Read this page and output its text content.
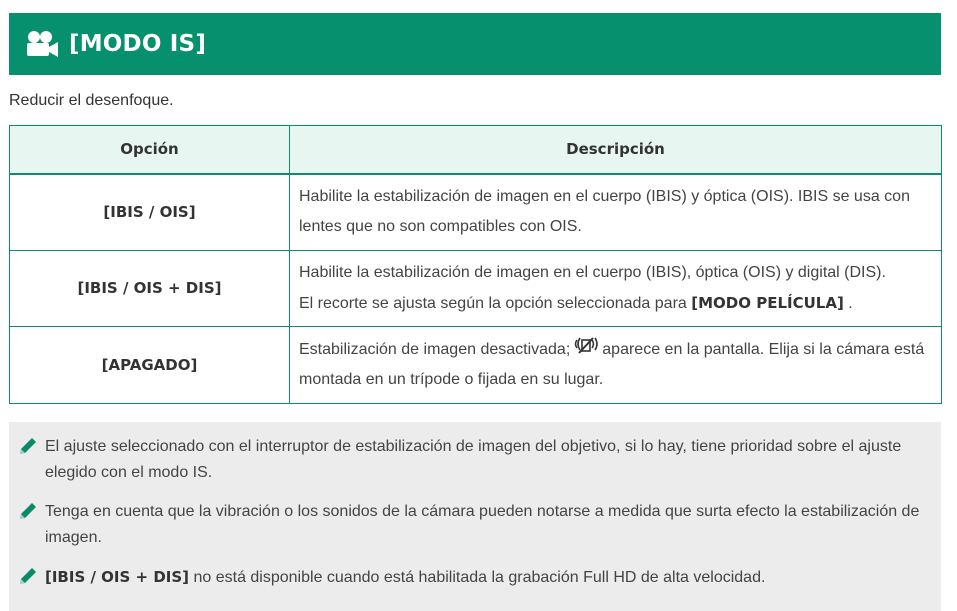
[MODO IS]

Reducir el desenfoque.

Opción	Descripción
[IBIS / OIS]	Habilite la estabilización de imagen en el cuerpo (IBIS) y óptica (OIS). IBIS se usa con lentes que no son compatibles con OIS.
[IBIS / OIS + DIS]	Habilite la estabilización de imagen en el cuerpo (IBIS), óptica (OIS) y digital (DIS).
El recorte se ajusta según la opción seleccionada para [MODO PELÍCULA] .
[APAGADO]	Estabilización de imagen desactivada; aparece en la pantalla. Elija si la cámara está montada en un trípode o fijada en su lugar.
El ajuste seleccionado con el interruptor de estabilización de imagen del objetivo, si lo hay, tiene prioridad sobre el ajuste elegido con el modo IS.
Tenga en cuenta que la vibración o los sonidos de la cámara pueden notarse a medida que surta efecto la estabilización de imagen.
[IBIS / OIS + DIS] no está disponible cuando está habilitada la grabación Full HD de alta velocidad.
